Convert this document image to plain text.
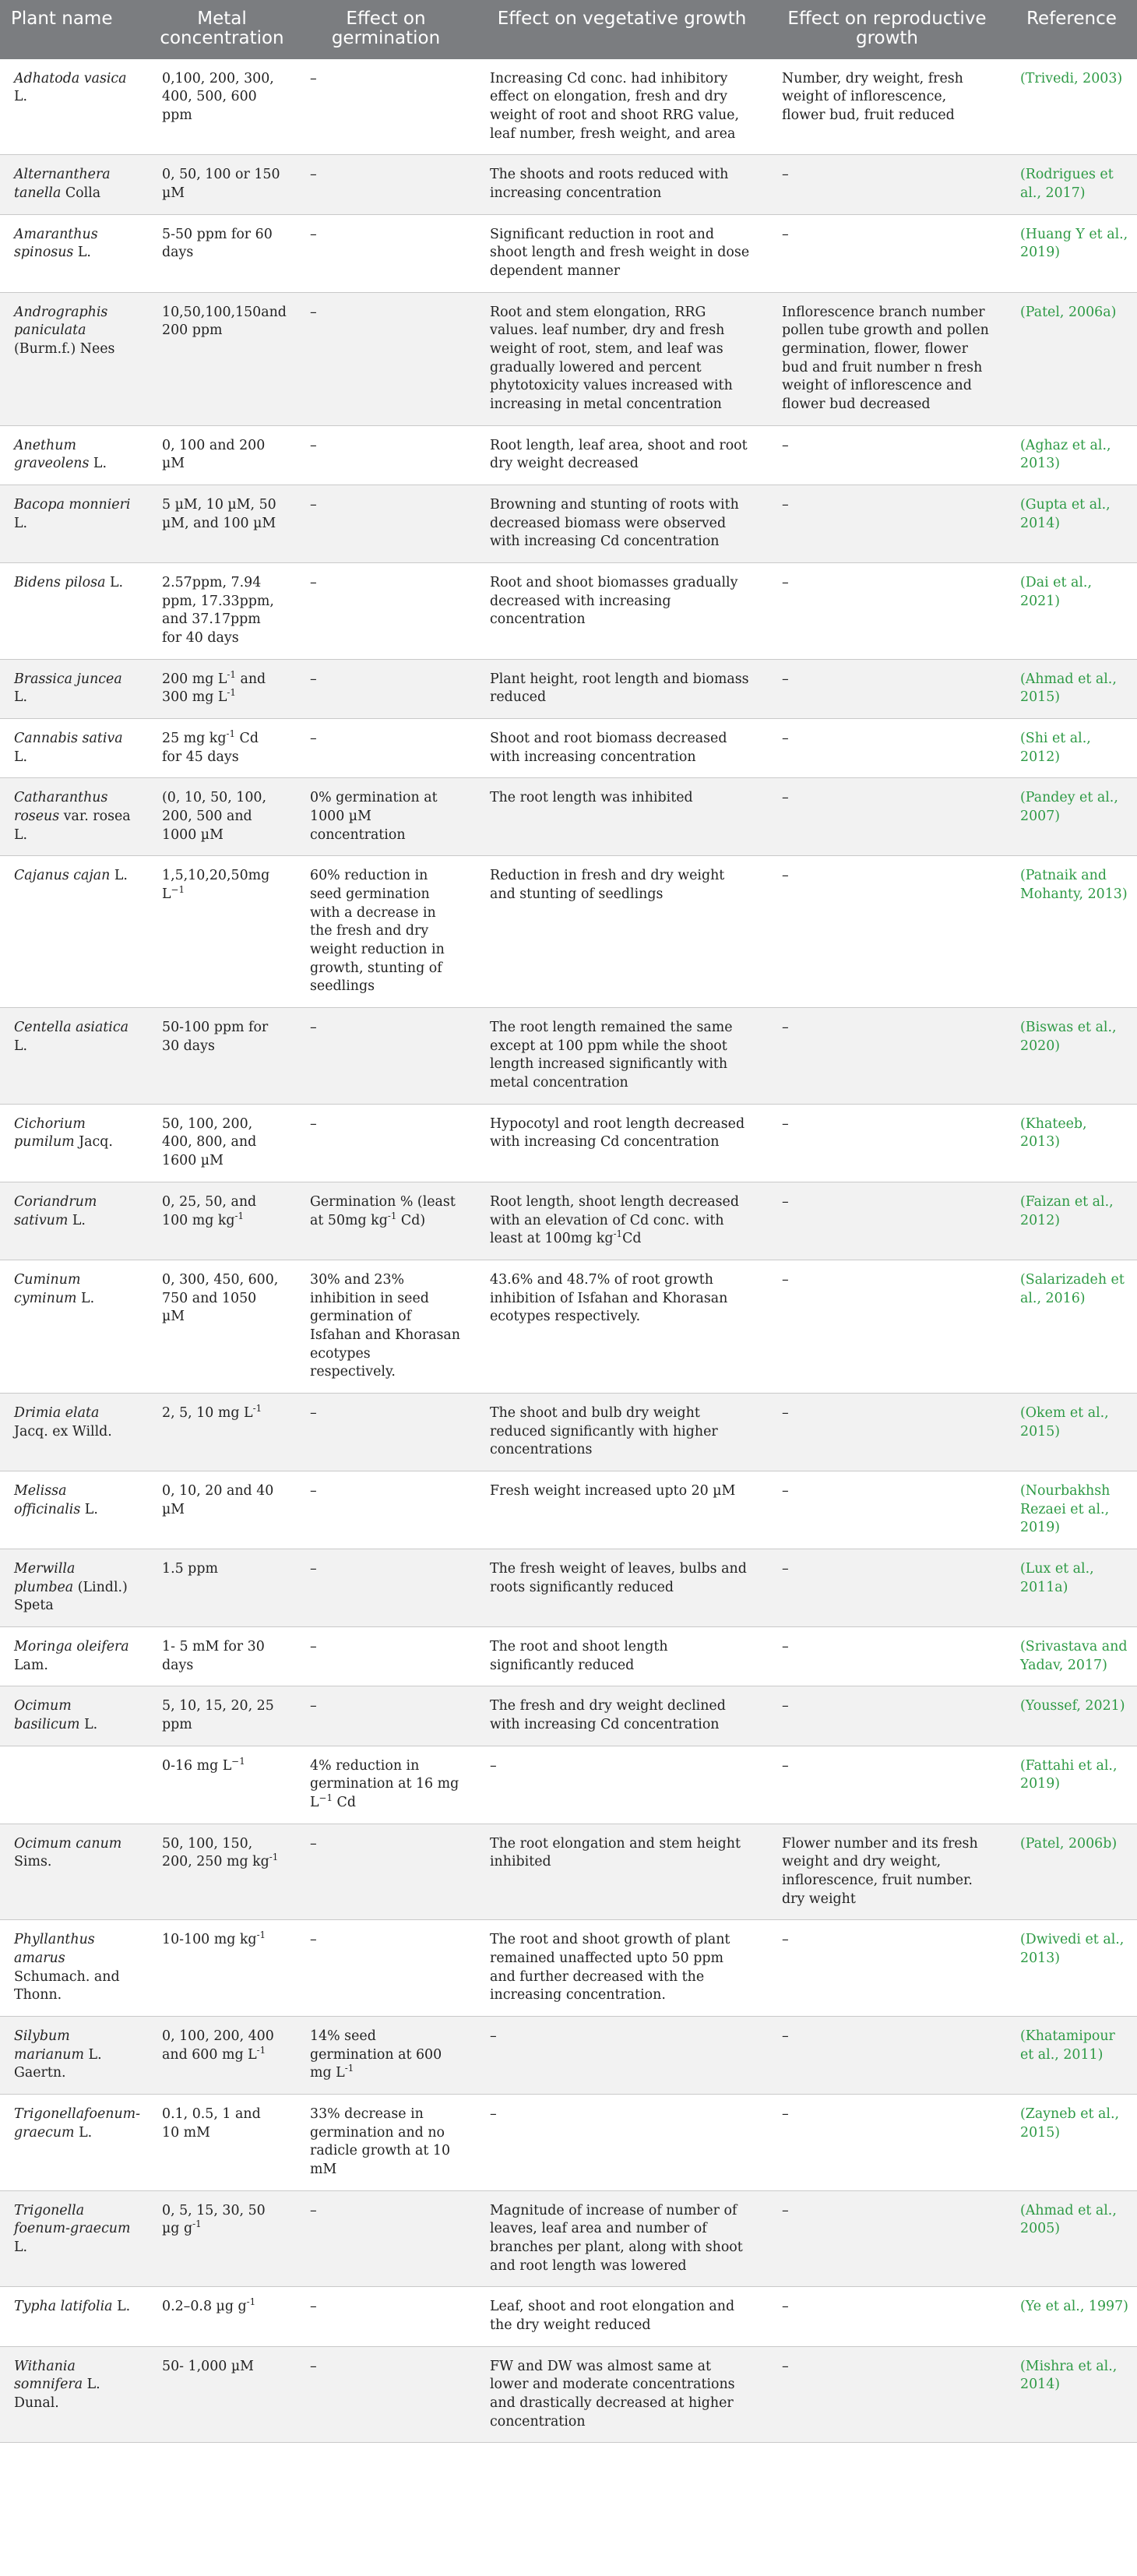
Plant name	Metal concentration	Effect on germination	Effect on vegetative growth	Effect on reproductive growth	Reference
Adhatoda vasica L.	0,100, 200, 300, 400, 500, 600 ppm	–	Increasing Cd conc. had inhibitory effect on elongation, fresh and dry weight of root and shoot RRG value, leaf number, fresh weight, and area	Number, dry weight, fresh weight of inflorescence, flower bud, fruit reduced	(Trivedi, 2003)
Alternanthera tanella Colla	0, 50, 100 or 150 µM	–	The shoots and roots reduced with increasing concentration	–	(Rodrigues et al., 2017)
Amaranthus spinosus L.	5-50 ppm for 60 days	–	Significant reduction in root and shoot length and fresh weight in dose dependent manner	–	(Huang Y et al., 2019)
Andrographis paniculata (Burm.f.) Nees	10,50,100,150and 200 ppm	–	Root and stem elongation, RRG values. leaf number, dry and fresh weight of root, stem, and leaf was gradually lowered and percent phytotoxicity values increased with increasing in metal concentration	Inflorescence branch number pollen tube growth and pollen germination, flower, flower bud and fruit number n fresh weight of inflorescence and flower bud decreased	(Patel, 2006a)
Anethum graveolens L.	0, 100 and 200 µM	–	Root length, leaf area, shoot and root dry weight decreased	–	(Aghaz et al., 2013)
Bacopa monnieri L.	5 µM, 10 µM, 50 µM, and 100 µM	–	Browning and stunting of roots with decreased biomass were observed with increasing Cd concentration	–	(Gupta et al., 2014)
Bidens pilosa L.	2.57ppm, 7.94 ppm, 17.33ppm, and 37.17ppm for 40 days	–	Root and shoot biomasses gradually decreased with increasing concentration	–	(Dai et al., 2021)
Brassica juncea L.	200 mg $L^{-1}$ and 300 mg $L^{-1}$	–	Plant height, root length and biomass reduced	–	(Ahmad et al., 2015)
Cannabis sativa L.	25 mg $kg^{-1}$ Cd for 45 days	–	Shoot and root biomass decreased with increasing concentration	–	(Shi et al., 2012)
Catharanthus roseus var. rosea L.	(0, 10, 50, 100, 200, 500 and 1000 µM	0% germination at 1000 µM concentration	The root length was inhibited	–	(Pandey et al., 2007)
Cajanus cajan L.	1,5,10,20,50mg $L^{-1}$	60% reduction in seed germination with a decrease in the fresh and dry weight reduction in growth, stunting of seedlings	Reduction in fresh and dry weight and stunting of seedlings	–	(Patnaik and Mohanty, 2013)
Centella asiatica L.	50-100 ppm for 30 days	–	The root length remained the same except at 100 ppm while the shoot length increased significantly with metal concentration	–	(Biswas et al., 2020)
Cichorium pumilum Jacq.	50, 100, 200, 400, 800, and 1600 µM	–	Hypocotyl and root length decreased with increasing Cd concentration	–	(Khateeb, 2013)
Coriandrum sativum L.	0, 25, 50, and 100 mg $kg^{-1}$	Germination % (least at 50mg $kg^{-1}$ Cd)	Root length, shoot length decreased with an elevation of Cd conc. with least at 100mg $kg^{-1}Cd$	–	(Faizan et al., 2012)
Cuminum cyminum L.	0, 300, 450, 600, 750 and 1050 µM	30% and 23% inhibition in seed germination of Isfahan and Khorasan ecotypes respectively.	43.6% and 48.7% of root growth inhibition of Isfahan and Khorasan ecotypes respectively.	–	(Salarizadeh et al., 2016)
Drimia elata Jacq. ex Willd.	2, 5, 10 mg $L^{-1}$	–	The shoot and bulb dry weight reduced significantly with higher concentrations	–	(Okem et al., 2015)
Melissa officinalis L.	0, 10, 20 and 40 µM	–	Fresh weight increased upto 20 µM	–	(Nourbakhsh Rezaei et al., 2019)
Merwilla plumbea (Lindl.) Speta	1.5 ppm	–	The fresh weight of leaves, bulbs and roots significantly reduced	–	(Lux et al., 2011a)
Moringa oleifera Lam.	1- 5 mM for 30 days	–	The root and shoot length significantly reduced	–	(Srivastava and Yadav, 2017)
Ocimum basilicum L.	5, 10, 15, 20, 25 ppm	–	The fresh and dry weight declined with increasing Cd concentration	–	(Youssef, 2021)
	0-16 mg $L^{-1}$	4% reduction in germination at 16 mg $L^{-1}$ Cd	–	–	(Fattahi et al., 2019)
Ocimum canum Sims.	50, 100, 150, 200, 250 mg $kg^{-1}$	–	The root elongation and stem height inhibited	Flower number and its fresh weight and dry weight, inflorescence, fruit number. dry weight	(Patel, 2006b)
Phyllanthus amarus Schumach. and Thonn.	10-100 mg $kg^{-1}$	–	The root and shoot growth of plant remained unaffected upto 50 ppm and further decreased with the increasing concentration.	–	(Dwivedi et al., 2013)
Silybum marianum L. Gaertn.	0, 100, 200, 400 and 600 mg $L^{-1}$	14% seed germination at 600 mg $L^{-1}$	–	–	(Khatamipour et al., 2011)
Trigonellafoenum-graecum L.	0.1, 0.5, 1 and 10 mM	33% decrease in germination and no radicle growth at 10 mM	–	–	(Zayneb et al., 2015)
Trigonella foenum-graecum L.	0, 5, 15, 30, 50 µg $g^{-1}$	–	Magnitude of increase of number of leaves, leaf area and number of branches per plant, along with shoot and root length was lowered	–	(Ahmad et al., 2005)
Typha latifolia L.	0.2–0.8 µg $g^{-1}$	–	Leaf, shoot and root elongation and the dry weight reduced	–	(Ye et al., 1997)
Withania somnifera L. Dunal.	50- 1,000 µM	–	FW and DW was almost same at lower and moderate concentrations and drastically decreased at higher concentration	–	(Mishra et al., 2014)
